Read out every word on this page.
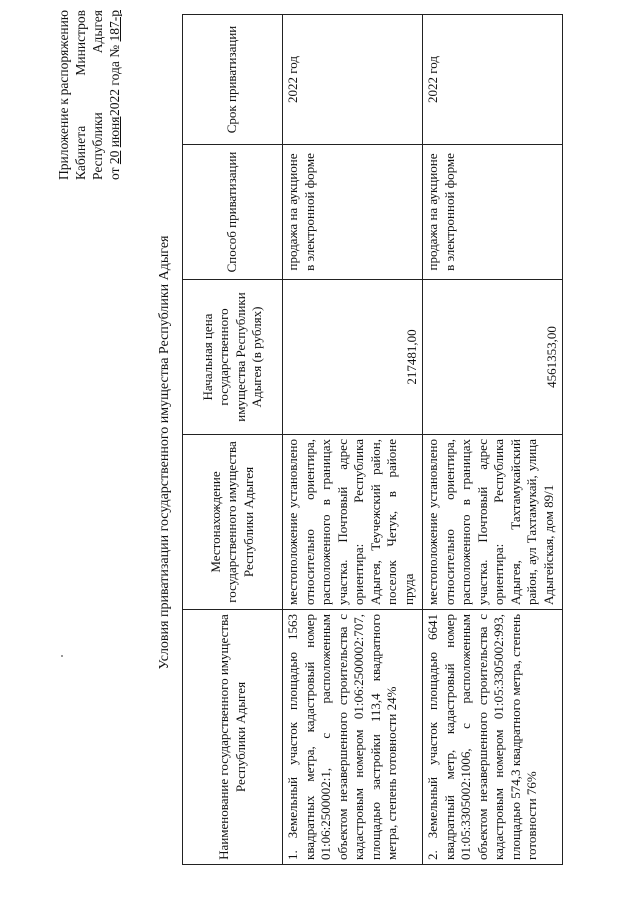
Приложение
к
распоряжению
Кабинета
Министров
Республики
Адыгея
от 20 июня
2022 года № 187-р
Условия приватизации государственного имущества Республики Адыгея
Наименование государственного имущества Республики Адыгея	Местонахождение государственного имущества Республики Адыгея	Начальная цена государственного имущества Республики Адыгея (в рублях)	Способ приватизации	Срок приватизации
1. Земельный участок площадью 1563 квадратных метра, кадастровый номер 01:06:2500002:1, с расположенным объектом незавершенного строительства с кадастровым номером 01:06:2500002:707, площадью застройки 113,4 квадратного метра, степень готовности 24%	местоположение установлено относительно ориентира, расположенного в границах участка. Почтовый адрес ориентира: Республика Адыгея, Теучежский район, поселок Четук, в районе пруда	217481,00	продажа на аукционе в электронной форме	2022 год
2. Земельный участок площадью 6641 квадратный метр, кадастровый номер 01:05:3305002:1006, с расположенным объектом незавершенного строительства с кадастровым номером 01:05:3305002:993, площадью 574,3 квадратного метра, степень готовности 76%	местоположение установлено относительно ориентира, расположенного в границах участка. Почтовый адрес ориентира: Республика Адыгея, Тахтамукайский район, аул Тахтамукай, улица Адыгейская, дом 89/1	4561353,00	продажа на аукционе в электронной форме	2022 год
